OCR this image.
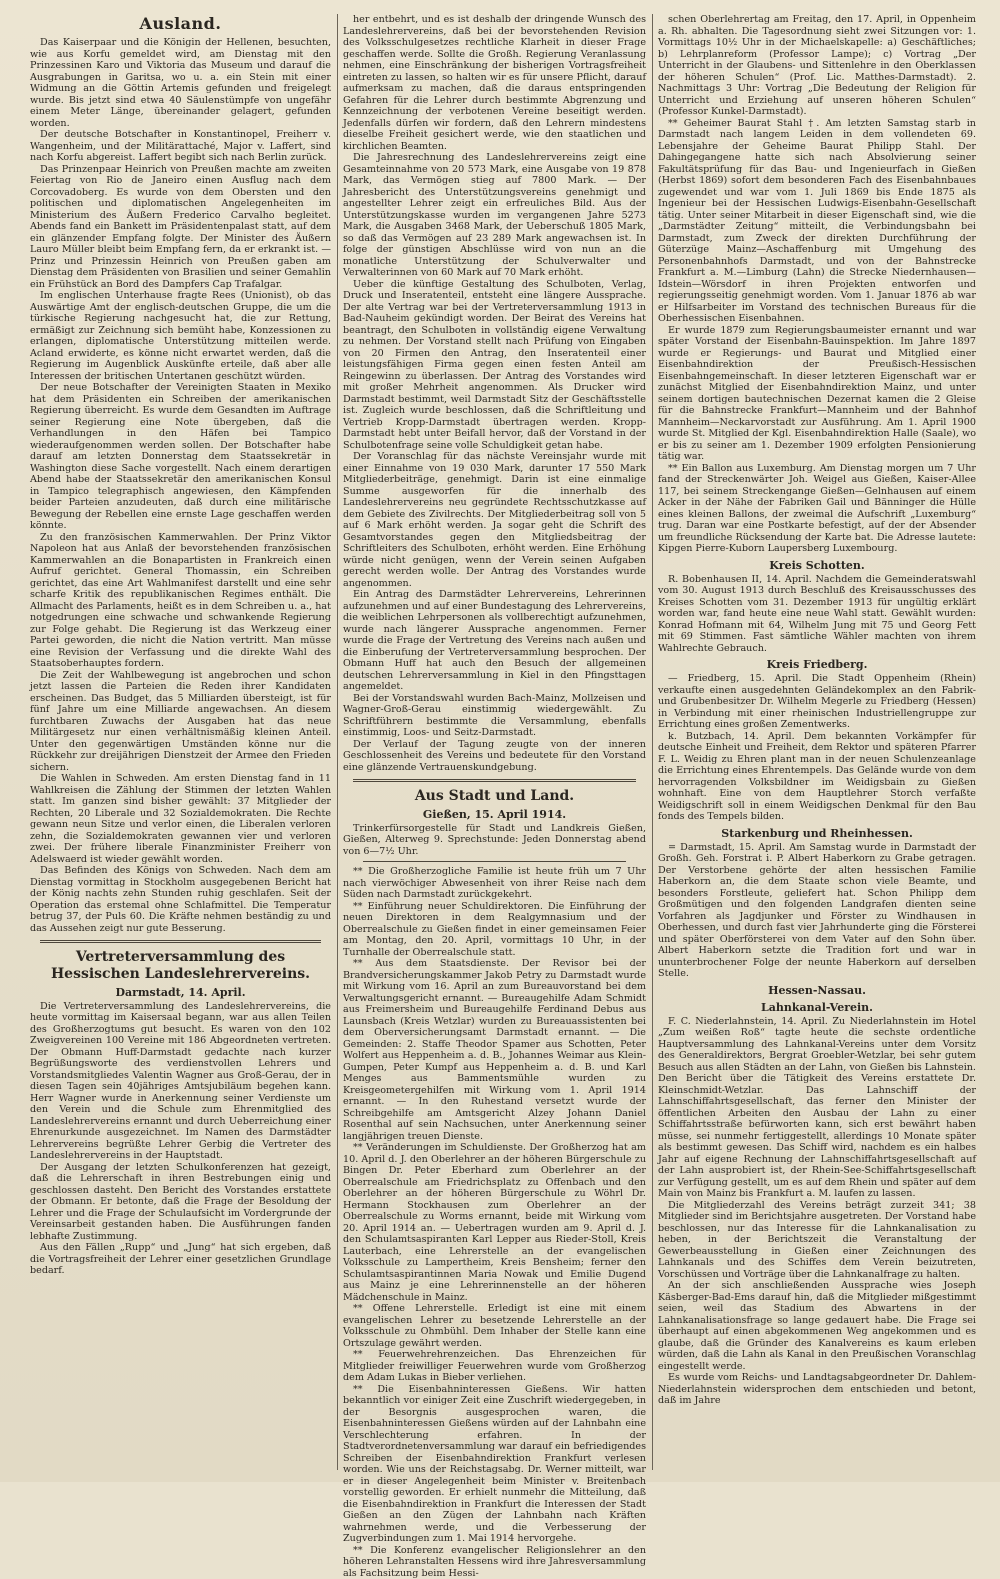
Ausland.

Das Kaiserpaar und die Königin der Hellenen, besuchten, wie aus Korfu gemeldet wird, am Dienstag mit den Prinzessinen Karo und Viktoria das Museum und darauf die Ausgrabungen in Garitsa, wo u. a. ein Stein mit einer Widmung an die Göttin Artemis gefunden und freigelegt wurde. Bis jetzt sind etwa 40 Säulenstümpfe von ungefähr einem Meter Länge, übereinander gelagert, gefunden worden.

Der deutsche Botschafter in Konstantinopel, Freiherr v. Wangenheim, und der Militärattaché, Major v. Laffert, sind nach Korfu abgereist. Laffert begibt sich nach Berlin zurück.

Das Prinzenpaar Heinrich von Preußen machte am zweiten Feiertag von Rio de Janeiro einen Ausflug nach dem Corcovadoberg. Es wurde von dem Obersten und den politischen und diplomatischen Angelegenheiten im Ministerium des Äußern Frederico Carvalho begleitet. Abends fand ein Bankett im Präsidentenpalast statt, auf dem ein glänzender Empfang folgte. Der Minister des Äußern Lauro Müller bleibt beim Empfang fern, da er erkrankt ist. — Prinz und Prinzessin Heinrich von Preußen gaben am Dienstag dem Präsidenten von Brasilien und seiner Gemahlin ein Frühstück an Bord des Dampfers Cap Trafalgar.

Im englischen Unterhause fragte Rees (Unionist), ob das Auswärtige Amt der englisch-deutschen Gruppe, die um die türkische Regierung nachgesucht hat, die zur Rettung, ermäßigt zur Zeichnung sich bemüht habe, Konzessionen zu erlangen, diplomatische Unterstützung mitteilen werde. Acland erwiderte, es könne nicht erwartet werden, daß die Regierung im Augenblick Auskünfte erteile, daß aber alle Interessen der britischen Untertanen geschützt würden.

Der neue Botschafter der Vereinigten Staaten in Mexiko hat dem Präsidenten ein Schreiben der amerikanischen Regierung überreicht. Es wurde dem Gesandten im Auftrage seiner Regierung eine Note übergeben, daß die Verhandlungen in den Häfen bei Tampico wiederaufgenommen werden sollen. Der Botschafter habe darauf am letzten Donnerstag dem Staatssekretär in Washington diese Sache vorgestellt. Nach einem derartigen Abend habe der Staatssekretär den amerikanischen Konsul in Tampico telegraphisch angewiesen, den Kämpfenden beider Parteien anzudeuten, daß durch eine militärische Bewegung der Rebellen eine ernste Lage geschaffen werden könnte.

Zu den französischen Kammerwahlen. Der Prinz Viktor Napoleon hat aus Anlaß der bevorstehenden französischen Kammerwahlen an die Bonapartisten in Frankreich einen Aufruf gerichtet. General Thomassin, ein Schreiben gerichtet, das eine Art Wahlmanifest darstellt und eine sehr scharfe Kritik des republikanischen Regimes enthält. Die Allmacht des Parlaments, heißt es in dem Schreiben u. a., hat notgedrungen eine schwache und schwankende Regierung zur Folge gehabt. Die Regierung ist das Werkzeug einer Partei geworden, die nicht die Nation vertritt. Man müsse eine Revision der Verfassung und die direkte Wahl des Staatsoberhauptes fordern.

Die Zeit der Wahlbewegung ist angebrochen und schon jetzt lassen die Parteien die Reden ihrer Kandidaten erscheinen. Das Budget, das 5 Milliarden übersteigt, ist für fünf Jahre um eine Milliarde angewachsen. An diesem furchtbaren Zuwachs der Ausgaben hat das neue Militärgesetz nur einen verhältnismäßig kleinen Anteil. Unter den gegenwärtigen Umständen könne nur die Rückkehr zur dreijährigen Dienstzeit der Armee den Frieden sichern.

Die Wahlen in Schweden. Am ersten Dienstag fand in 11 Wahlkreisen die Zählung der Stimmen der letzten Wahlen statt. Im ganzen sind bisher gewählt: 37 Mitglieder der Rechten, 20 Liberale und 32 Sozialdemokraten. Die Rechte gewann neun Sitze und verlor einen, die Liberalen verloren zehn, die Sozialdemokraten gewannen vier und verloren zwei. Der frühere liberale Finanzminister Freiherr von Adelswaerd ist wieder gewählt worden.

Das Befinden des Königs von Schweden. Nach dem am Dienstag vormittag in Stockholm ausgegebenen Bericht hat der König nachts zehn Stunden ruhig geschlafen. Seit der Operation das erstemal ohne Schlafmittel. Die Temperatur betrug 37, der Puls 60. Die Kräfte nehmen beständig zu und das Aussehen zeigt nur gute Besserung.

Vertreterversammlung des Hessischen Landeslehrervereins.
Darmstadt, 14. April.

Die Vertreterversammlung des Landeslehrervereins, die heute vormittag im Kaisersaal begann, war aus allen Teilen des Großherzogtums gut besucht. Es waren von den 102 Zweigvereinen 100 Vereine mit 186 Abgeordneten vertreten. Der Obmann Huff-Darmstadt gedachte nach kurzer Begrüßungsworte des verdienstvollen Lehrers und Vorstandsmitgliedes Valentin Wagner aus Groß-Gerau, der in diesen Tagen sein 40jähriges Amtsjubiläum begehen kann. Herr Wagner wurde in Anerkennung seiner Verdienste um den Verein und die Schule zum Ehrenmitglied des Landeslehrervereins ernannt und durch Ueberreichung einer Ehrenurkunde ausgezeichnet. Im Namen des Darmstädter Lehrervereins begrüßte Lehrer Gerbig die Vertreter des Landeslehrervereins in der Hauptstadt.

Der Ausgang der letzten Schulkonferenzen hat gezeigt, daß die Lehrerschaft in ihren Bestrebungen einig und geschlossen dasteht. Den Bericht des Vorstandes erstattete der Obmann. Er betonte, daß die Frage der Besoldung der Lehrer und die Frage der Schulaufsicht im Vordergrunde der Vereinsarbeit gestanden haben. Die Ausführungen fanden lebhafte Zustimmung.

Aus den Fällen „Rupp“ und „Jung“ hat sich ergeben, daß die Vortragsfreiheit der Lehrer einer gesetzlichen Grundlage bedarf.

her entbehrt, und es ist deshalb der dringende Wunsch des Landeslehrervereins, daß bei der bevorstehenden Revision des Volksschulgesetzes rechtliche Klarheit in dieser Frage geschaffen werde. Sollte die Großh. Regierung Veranlassung nehmen, eine Einschränkung der bisherigen Vortragsfreiheit eintreten zu lassen, so halten wir es für unsere Pflicht, darauf aufmerksam zu machen, daß die daraus entspringenden Gefahren für die Lehrer durch bestimmte Abgrenzung und Kennzeichnung der verbotenen Vereine beseitigt werden. Jedenfalls dürfen wir fordern, daß den Lehrern mindestens dieselbe Freiheit gesichert werde, wie den staatlichen und kirchlichen Beamten.

Die Jahresrechnung des Landeslehrervereins zeigt eine Gesamteinnahme von 20 573 Mark, eine Ausgabe von 19 878 Mark, das Vermögen stieg auf 7800 Mark. — Der Jahresbericht des Unterstützungsvereins genehmigt und angestellter Lehrer zeigt ein erfreuliches Bild. Aus der Unterstützungskasse wurden im vergangenen Jahre 5273 Mark, die Ausgaben 3468 Mark, der Ueberschuß 1805 Mark, so daß das Vermögen auf 23 289 Mark angewachsen ist. In folge der günstigen Abschlüsse wird von nun an die monatliche Unterstützung der Schulverwalter und Verwalterinnen von 60 Mark auf 70 Mark erhöht.

Ueber die künftige Gestaltung des Schulboten, Verlag, Druck und Inseratenteil, entsteht eine längere Aussprache. Der alte Vertrag war bei der Vertreterversammlung 1913 in Bad-Nauheim gekündigt worden. Der Beirat des Vereins hat beantragt, den Schulboten in vollständig eigene Verwaltung zu nehmen. Der Vorstand stellt nach Prüfung von Eingaben von 20 Firmen den Antrag, den Inseratenteil einer leistungsfähigen Firma gegen einen festen Anteil am Reingewinn zu überlassen. Der Antrag des Vorstandes wird mit großer Mehrheit angenommen. Als Drucker wird Darmstadt bestimmt, weil Darmstadt Sitz der Geschäftsstelle ist. Zugleich wurde beschlossen, daß die Schriftleitung und Vertrieb Kropp-Darmstadt übertragen werden. Kropp-Darmstadt hebt unter Beifall hervor, daß der Vorstand in der Schulbotenfrage seine volle Schuldigkeit getan habe.

Der Voranschlag für das nächste Vereinsjahr wurde mit einer Einnahme von 19 030 Mark, darunter 17 550 Mark Mitgliederbeiträge, genehmigt. Darin ist eine einmalige Summe ausgeworfen für die innerhalb des Landeslehrervereins neu gegründete Rechtsschutzkasse auf dem Gebiete des Zivilrechts. Der Mitgliederbeitrag soll von 5 auf 6 Mark erhöht werden. Ja sogar geht die Schrift des Gesamtvorstandes gegen den Mitgliedsbeitrag der Schriftleiters des Schulboten, erhöht werden. Eine Erhöhung würde nicht genügen, wenn der Verein seinen Aufgaben gerecht werden wolle. Der Antrag des Vorstandes wurde angenommen.

Ein Antrag des Darmstädter Lehrervereins, Lehrerinnen aufzunehmen und auf einer Bundestagung des Lehrervereins, die weiblichen Lehrpersonen als vollberechtigt aufzunehmen, wurde nach längerer Aussprache angenommen. Ferner wurde die Frage der Vertretung des Vereins nach außen und die Einberufung der Vertreterversammlung besprochen. Der Obmann Huff hat auch den Besuch der allgemeinen deutschen Lehrerversammlung in Kiel in den Pfingsttagen angemeldet.

Bei der Vorstandswahl wurden Bach-Mainz, Mollzeisen und Wagner-Groß-Gerau einstimmig wiedergewählt. Zu Schriftführern bestimmte die Versammlung, ebenfalls einstimmig, Loos- und Seitz-Darmstadt.

Der Verlauf der Tagung zeugte von der inneren Geschlossenheit des Vereins und bedeutete für den Vorstand eine glänzende Vertrauenskundgebung.

Aus Stadt und Land.
Gießen, 15. April 1914.

Trinkerfürsorgestelle für Stadt und Landkreis Gießen, Gießen, Alterweg 9. Sprechstunde: Jeden Donnerstag abend von 6—7½ Uhr.

** Die Großherzogliche Familie ist heute früh um 7 Uhr nach vierwöchiger Abwesenheit von ihrer Reise nach dem Süden nach Darmstadt zurückgekehrt.

** Einführung neuer Schuldirektoren. Die Einführung der neuen Direktoren in dem Realgymnasium und der Oberrealschule zu Gießen findet in einer gemeinsamen Feier am Montag, den 20. April, vormittags 10 Uhr, in der Turnhalle der Oberrealschule statt.

** Aus dem Staatsdienste. Der Revisor bei der Brandversicherungskammer Jakob Petry zu Darmstadt wurde mit Wirkung vom 16. April an zum Bureauvorstand bei dem Verwaltungsgericht ernannt. — Bureaugehilfe Adam Schmidt aus Freimersheim und Bureaugehilfe Ferdinand Debus aus Launsbach (Kreis Wetzlar) wurden zu Bureauassistenten bei dem Oberversicherungsamt Darmstadt ernannt. — Die Gemeinden: 2. Staffe Theodor Spamer aus Schotten, Peter Wolfert aus Heppenheim a. d. B., Johannes Weimar aus Klein-Gumpen, Peter Kumpf aus Heppenheim a. d. B. und Karl Menges aus Bammentsmühle wurden zu Kreisgeometergehilfen mit Wirkung vom 1. April 1914 ernannt. — In den Ruhestand versetzt wurde der Schreibgehilfe am Amtsgericht Alzey Johann Daniel Rosenthal auf sein Nachsuchen, unter Anerkennung seiner langjährigen treuen Dienste.

** Veränderungen im Schuldienste. Der Großherzog hat am 10. April d. J. den Oberlehrer an der höheren Bürgerschule zu Bingen Dr. Peter Eberhard zum Oberlehrer an der Oberrealschule am Friedrichsplatz zu Offenbach und den Oberlehrer an der höheren Bürgerschule zu Wöhrl Dr. Hermann Stockhausen zum Oberlehrer an der Oberrealschule zu Worms ernannt, beide mit Wirkung vom 20. April 1914 an. — Uebertragen wurden am 9. April d. J. den Schulamtsaspiranten Karl Lepper aus Rieder-Stoll, Kreis Lauterbach, eine Lehrerstelle an der evangelischen Volksschule zu Lampertheim, Kreis Bensheim; ferner den Schulamtsaspirantinnen Maria Nowak und Emilie Dugend aus Mainz je eine Lehrerinnenstelle an der höheren Mädchenschule in Mainz.

** Offene Lehrerstelle. Erledigt ist eine mit einem evangelischen Lehrer zu besetzende Lehrerstelle an der Volksschule zu Ohmbühl. Dem Inhaber der Stelle kann eine Ortszulage gewährt werden.

** Feuerwehrehrenzeichen. Das Ehrenzeichen für Mitglieder freiwilliger Feuerwehren wurde vom Großherzog dem Adam Lukas in Bieber verliehen.

** Die Eisenbahninteressen Gießens. Wir hatten bekanntlich vor einiger Zeit eine Zuschrift wiedergegeben, in der Besorgnis ausgesprochen waren, die Eisenbahninteressen Gießens würden auf der Lahnbahn eine Verschlechterung erfahren. In der Stadtverordnetenversammlung war darauf ein befriedigendes Schreiben der Eisenbahndirektion Frankfurt verlesen worden. Wie uns der Reichstagsabg. Dr. Werner mitteilt, war er in dieser Angelegenheit beim Minister v. Breitenbach vorstellig geworden. Er erhielt nunmehr die Mitteilung, daß die Eisenbahndirektion in Frankfurt die Interessen der Stadt Gießen an den Zügen der Lahnbahn nach Kräften wahrnehmen werde, und die Verbesserung der Zugverbindungen zum 1. Mai 1914 hervorgehe.

** Die Konferenz evangelischer Religionslehrer an den höheren Lehranstalten Hessens wird ihre Jahresversammlung als Fachsitzung beim Hessi-

schen Oberlehrertag am Freitag, den 17. April, in Oppenheim a. Rh. abhalten. Die Tagesordnung sieht zwei Sitzungen vor: 1. Vormittags 10½ Uhr in der Michaelskapelle: a) Geschäftliches; b) Lehrplanreform (Professor Lampe); c) Vortrag „Der Unterricht in der Glaubens- und Sittenlehre in den Oberklassen der höheren Schulen“ (Prof. Lic. Matthes-Darmstadt). 2. Nachmittags 3 Uhr: Vortrag „Die Bedeutung der Religion für Unterricht und Erziehung auf unseren höheren Schulen“ (Professor Kunkel-Darmstadt).

** Geheimer Baurat Stahl †. Am letzten Samstag starb in Darmstadt nach langem Leiden in dem vollendeten 69. Lebensjahre der Geheime Baurat Philipp Stahl. Der Dahingegangene hatte sich nach Absolvierung seiner Fakultätsprüfung für das Bau- und Ingenieurfach in Gießen (Herbst 1869) sofort dem besonderen Fach des Eisenbahnbaues zugewendet und war vom 1. Juli 1869 bis Ende 1875 als Ingenieur bei der Hessischen Ludwigs-Eisenbahn-Gesellschaft tätig. Unter seiner Mitarbeit in dieser Eigenschaft sind, wie die „Darmstädter Zeitung“ mitteilt, die Verbindungsbahn bei Darmstadt, zum Zweck der direkten Durchführung der Güterzüge Mainz—Aschaffenburg mit Umgehung des Personenbahnhofs Darmstadt, und von der Bahnstrecke Frankfurt a. M.—Limburg (Lahn) die Strecke Niedernhausen—Idstein—Wörsdorf in ihren Projekten entworfen und regierungsseitig genehmigt worden. Vom 1. Januar 1876 ab war er Hilfsarbeiter im Vorstand des technischen Bureaus für die Oberhessischen Eisenbahnen.

Er wurde 1879 zum Regierungsbaumeister ernannt und war später Vorstand der Eisenbahn-Bauinspektion. Im Jahre 1897 wurde er Regierungs- und Baurat und Mitglied einer Eisenbahndirektion der Preußisch-Hessischen Eisenbahngemeinschaft. In dieser letzteren Eigenschaft war er zunächst Mitglied der Eisenbahndirektion Mainz, und unter seinem dortigen bautechnischen Dezernat kamen die 2 Gleise für die Bahnstrecke Frankfurt—Mannheim und der Bahnhof Mannheim—Neckarvorstadt zur Ausführung. Am 1. April 1900 wurde St. Mitglied der Kgl. Eisenbahndirektion Halle (Saale), wo er bis zu seiner am 1. Dezember 1909 erfolgten Pensionierung tätig war.

** Ein Ballon aus Luxemburg. Am Dienstag morgen um 7 Uhr fand der Streckenwärter Joh. Weigel aus Gießen, Kaiser-Allee 117, bei seinem Streckengange Gießen—Gelnhausen auf einem Acker in der Nähe der Fabriken Gail und Bänninger die Hülle eines kleinen Ballons, der zweimal die Aufschrift „Luxemburg“ trug. Daran war eine Postkarte befestigt, auf der der Absender um freundliche Rücksendung der Karte bat. Die Adresse lautete: Kipgen Pierre-Kuborn Laupersberg Luxembourg.

Kreis Schotten.

R. Bobenhausen II, 14. April. Nachdem die Gemeinderatswahl vom 30. August 1913 durch Beschluß des Kreisausschusses des Kreises Schotten vom 31. Dezember 1913 für ungültig erklärt worden war, fand heute eine neue Wahl statt. Gewählt wurden: Konrad Hofmann mit 64, Wilhelm Jung mit 75 und Georg Fett mit 69 Stimmen. Fast sämtliche Wähler machten von ihrem Wahlrechte Gebrauch.

Kreis Friedberg.

— Friedberg, 15. April. Die Stadt Oppenheim (Rhein) verkaufte einen ausgedehnten Geländekomplex an den Fabrik- und Grubenbesitzer Dr. Wilhelm Megerle zu Friedberg (Hessen) in Verbindung mit einer rheinischen Industriellengruppe zur Errichtung eines großen Zementwerks.

k. Butzbach, 14. April. Dem bekannten Vorkämpfer für deutsche Einheit und Freiheit, dem Rektor und späteren Pfarrer F. L. Weidig zu Ehren plant man in der neuen Schulenzeanlage die Errichtung eines Ehrentempels. Das Gelände wurde von dem hervorragenden Volksbildner im Weidigsbain zu Gießen wohnhaft. Eine von dem Hauptlehrer Storch verfaßte Weidigschrift soll in einem Weidigschen Denkmal für den Bau fonds des Tempels bilden.

Starkenburg und Rheinhessen.

= Darmstadt, 15. April. Am Samstag wurde in Darmstadt der Großh. Geh. Forstrat i. P. Albert Haberkorn zu Grabe getragen. Der Verstorbene gehörte der alten hessischen Familie Haberkorn an, die dem Staate schon viele Beamte, und besonders Forstleute, geliefert hat. Schon Philipp dem Großmütigen und den folgenden Landgrafen dienten seine Vorfahren als Jagdjunker und Förster zu Windhausen in Oberhessen, und durch fast vier Jahrhunderte ging die Försterei und später Oberförsterei von dem Vater auf den Sohn über. Albert Haberkorn setzte die Tradition fort und war in ununterbrochener Folge der neunte Haberkorn auf derselben Stelle.

Hessen-Nassau.
Lahnkanal-Verein.

F. C. Niederlahnstein, 14. April. Zu Niederlahnstein im Hotel „Zum weißen Roß“ tagte heute die sechste ordentliche Hauptversammlung des Lahnkanal-Vereins unter dem Vorsitz des Generaldirektors, Bergrat Groebler-Wetzlar, bei sehr gutem Besuch aus allen Städten an der Lahn, von Gießen bis Lahnstein. Den Bericht über die Tätigkeit des Vereins erstattete Dr. Kleinschmidt-Wetzlar. Das Lahnschiff der Lahnschiffahrtsgesellschaft, das ferner den Minister der öffentlichen Arbeiten den Ausbau der Lahn zu einer Schiffahrtsstraße befürworten kann, sich erst bewährt haben müsse, sei nunmehr fertiggestellt, allerdings 10 Monate später als bestimmt gewesen. Das Schiff wird, nachdem es ein halbes Jahr auf eigene Rechnung der Lahnschiffahrtsgesellschaft auf der Lahn ausprobiert ist, der Rhein-See-Schiffahrtsgesellschaft zur Verfügung gestellt, um es auf dem Rhein und später auf dem Main von Mainz bis Frankfurt a. M. laufen zu lassen.

Die Mitgliederzahl des Vereins beträgt zurzeit 341; 38 Mitglieder sind im Berichtsjahre ausgetreten. Der Vorstand habe beschlossen, nur das Interesse für die Lahnkanalisation zu heben, in der Berichtszeit die Veranstaltung der Gewerbeausstellung in Gießen einer Zeichnungen des Lahnkanals und des Schiffes dem Verein beizutreten, Vorschüssen und Vorträge über die Lahnkanalfrage zu halten.

An der sich anschließenden Aussprache wies Joseph Käsberger-Bad-Ems darauf hin, daß die Mitglieder mißgestimmt seien, weil das Stadium des Abwartens in der Lahnkanalisationsfrage so lange gedauert habe. Die Frage sei überhaupt auf einen abgekommenen Weg angekommen und es glaube, daß die Gründer des Kanalvereins es kaum erleben würden, daß die Lahn als Kanal in den Preußischen Voranschlag eingestellt werde.

Es wurde vom Reichs- und Landtagsabgeordneter Dr. Dahlem-Niederlahnstein widersprochen dem entschieden und betont, daß im Jahre
